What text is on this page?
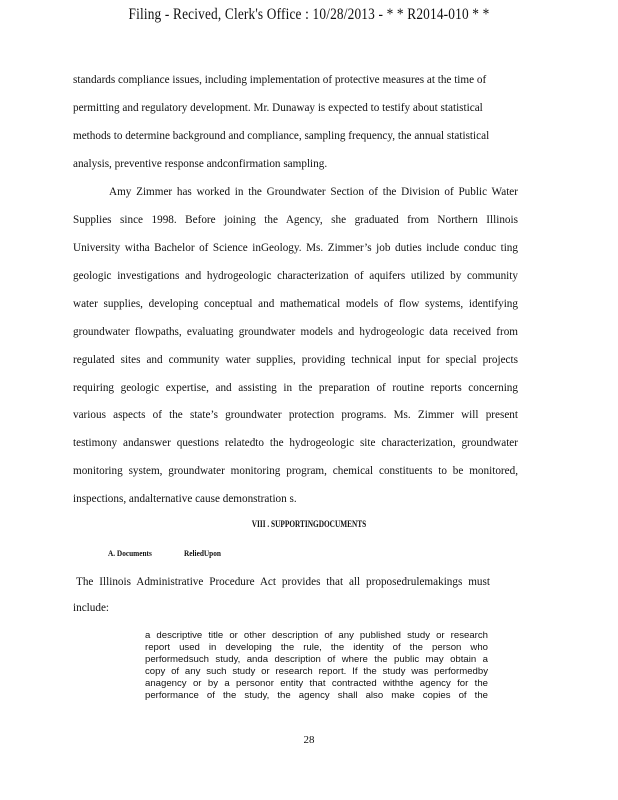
Filing - Recived, Clerk's Office : 10/28/2013 - * * R2014-010 * *
standards compliance issues, including implementation of protective measures at the time of
permitting and regulatory development. Mr. Dunaway is expected to testify about statistical
methods to determine background and compliance, sampling frequency, the annual statistical
analysis, preventive response andconfirmation sampling.
Amy Zimmer has worked in the Groundwater Section of the Division of Public Water
Supplies since 1998. Before joining the Agency, she graduated from Northern Illinois
University witha Bachelor of Science inGeology. Ms. Zimmer’s job duties include conduc ting
geologic investigations and hydrogeologic characterization of aquifers utilized by community
water supplies, developing conceptual and mathematical models of flow systems, identifying
groundwater flowpaths, evaluating groundwater models and hydrogeologic data received from
regulated sites and community water supplies, providing technical input for special projects
requiring geologic expertise, and assisting in the preparation of routine reports concerning
various aspects of the state’s groundwater protection programs. Ms. Zimmer will present
testimony andanswer questions relatedto the hydrogeologic site characterization, groundwater
monitoring system, groundwater monitoring program, chemical constituents to be monitored,
inspections, andalternative cause demonstration s.
VIII . SUPPORTINGDOCUMENTS
A. Documents	ReliedUpon
The Illinois Administrative Procedure Act provides that all proposedrulemakings must
include:
a descriptive title or other description of any published study or research
report used in developing the rule, the identity of the person who
performedsuch study, anda description of where the public may obtain a
copy of any such study or research report. If the study was performedby
anagency or by a personor entity that contracted withthe agency for the
performance of the study, the agency shall also make copies of the
28
